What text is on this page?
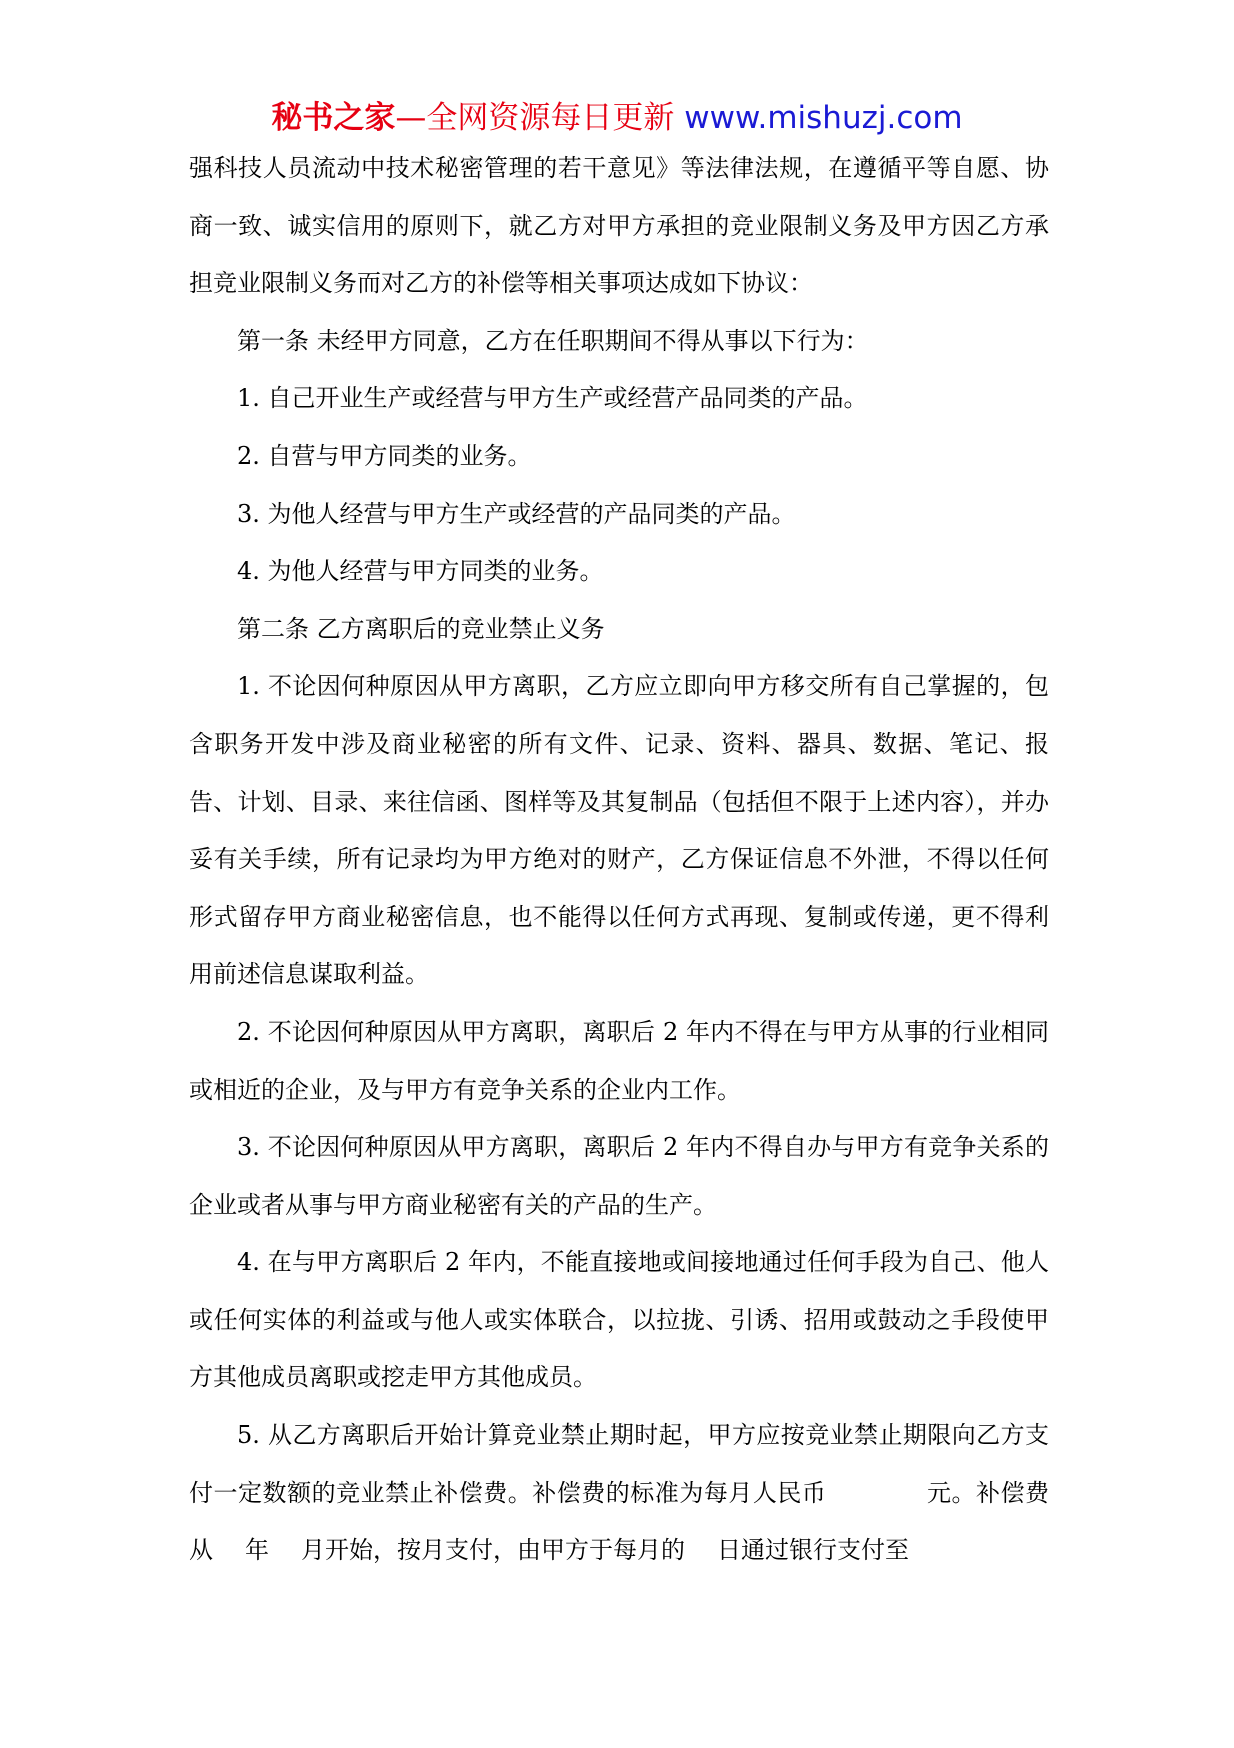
秘书之家—全网资源每日更新 www.mishuzj.com

强科技人员流动中技术秘密管理的若干意见》等法律法规，在遵循平等自愿、协商一致、诚实信用的原则下，就乙方对甲方承担的竞业限制义务及甲方因乙方承担竞业限制义务而对乙方的补偿等相关事项达成如下协议：

第一条 未经甲方同意，乙方在任职期间不得从事以下行为：

1. 自己开业生产或经营与甲方生产或经营产品同类的产品。

2. 自营与甲方同类的业务。

3. 为他人经营与甲方生产或经营的产品同类的产品。

4. 为他人经营与甲方同类的业务。

第二条 乙方离职后的竞业禁止义务

1. 不论因何种原因从甲方离职，乙方应立即向甲方移交所有自己掌握的，包含职务开发中涉及商业秘密的所有文件、记录、资料、器具、数据、笔记、报告、计划、目录、来往信函、图样等及其复制品（包括但不限于上述内容），并办妥有关手续，所有记录均为甲方绝对的财产，乙方保证信息不外泄，不得以任何形式留存甲方商业秘密信息，也不能得以任何方式再现、复制或传递，更不得利用前述信息谋取利益。

2. 不论因何种原因从甲方离职，离职后 2 年内不得在与甲方从事的行业相同或相近的企业，及与甲方有竞争关系的企业内工作。

3. 不论因何种原因从甲方离职，离职后 2 年内不得自办与甲方有竞争关系的企业或者从事与甲方商业秘密有关的产品的生产。

4. 在与甲方离职后 2 年内，不能直接地或间接地通过任何手段为自己、他人或任何实体的利益或与他人或实体联合，以拉拢、引诱、招用或鼓动之手段使甲方其他成员离职或挖走甲方其他成员。

5. 从乙方离职后开始计算竞业禁止期时起，甲方应按竞业禁止期限向乙方支付一定数额的竞业禁止补偿费。补偿费的标准为每月人民币	元。补偿费从 年 月开始，按月支付，由甲方于每月的 日通过银行支付至
